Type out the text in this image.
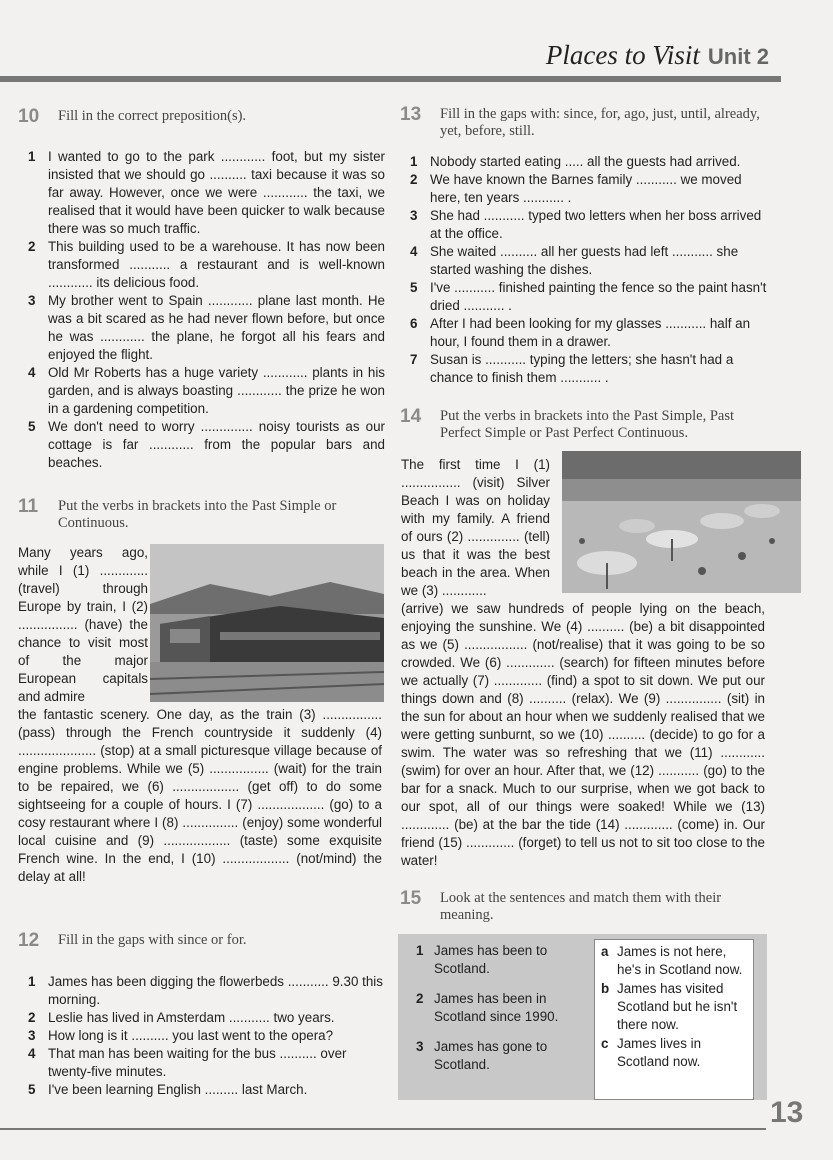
Places to Visit Unit 2
10	Fill in the correct preposition(s).
1 I wanted to go to the park ............ foot, but my sister insisted that we should go .......... taxi because it was so far away. However, once we were ............ the taxi, we realised that it would have been quicker to walk because there was so much traffic.
2 This building used to be a warehouse. It has now been transformed ........... a restaurant and is well-known ............ its delicious food.
3 My brother went to Spain ............ plane last month. He was a bit scared as he had never flown before, but once he was ............ the plane, he forgot all his fears and enjoyed the flight.
4 Old Mr Roberts has a huge variety ............ plants in his garden, and is always boasting ............ the prize he won in a gardening competition.
5 We don't need to worry .............. noisy tourists as our cottage is far ............ from the popular bars and beaches.
11	Put the verbs in brackets into the Past Simple or Continuous.
Many years ago, while I (1) ............. (travel) through Europe by train, I (2) ................ (have) the chance to visit most of the major European capitals and admire
the fantastic scenery. One day, as the train (3) ................ (pass) through the French countryside it suddenly (4) ..................... (stop) at a small picturesque village because of engine problems. While we (5) ................ (wait) for the train to be repaired, we (6) .................. (get off) to do some sightseeing for a couple of hours. I (7) .................. (go) to a cosy restaurant where I (8) ............... (enjoy) some wonderful local cuisine and (9) .................. (taste) some exquisite French wine. In the end, I (10) .................. (not/mind) the delay at all!
12	Fill in the gaps with since or for.
1 James has been digging the flowerbeds ........... 9.30 this morning.
2 Leslie has lived in Amsterdam ........... two years.
3 How long is it .......... you last went to the opera?
4 That man has been waiting for the bus .......... over twenty-five minutes.
5 I've been learning English ......... last March.
13	Fill in the gaps with: since, for, ago, just, until, already, yet, before, still.
1 Nobody started eating ..... all the guests had arrived.
2 We have known the Barnes family ........... we moved here, ten years ........... .
3 She had ........... typed two letters when her boss arrived at the office.
4 She waited .......... all her guests had left ........... she started washing the dishes.
5 I've ........... finished painting the fence so the paint hasn't dried ........... .
6 After I had been looking for my glasses ........... half an hour, I found them in a drawer.
7 Susan is ........... typing the letters; she hasn't had a chance to finish them ........... .
14	Put the verbs in brackets into the Past Simple, Past Perfect Simple or Past Perfect Continuous.
The first time I (1) ................ (visit) Silver Beach I was on holiday with my family. A friend of ours (2) .............. (tell) us that it was the best beach in the area. When we (3) ............
(arrive) we saw hundreds of people lying on the beach, enjoying the sunshine. We (4) .......... (be) a bit disappointed as we (5) ................. (not/realise) that it was going to be so crowded. We (6) ............. (search) for fifteen minutes before we actually (7) ............. (find) a spot to sit down. We put our things down and (8) .......... (relax). We (9) ............... (sit) in the sun for about an hour when we suddenly realised that we were getting sunburnt, so we (10) .......... (decide) to go for a swim. The water was so refreshing that we (11) ............ (swim) for over an hour. After that, we (12) ........... (go) to the bar for a snack. Much to our surprise, when we got back to our spot, all of our things were soaked! While we (13) ............. (be) at the bar the tide (14) ............. (come) in. Our friend (15) ............. (forget) to tell us not to sit too close to the water!
15	Look at the sentences and match them with their meaning.
1 James has been to Scotland.
2 James has been in Scotland since 1990.
3 James has gone to Scotland.
a James is not here, he's in Scotland now.
b James has visited Scotland but he isn't there now.
c James lives in Scotland now.
13
